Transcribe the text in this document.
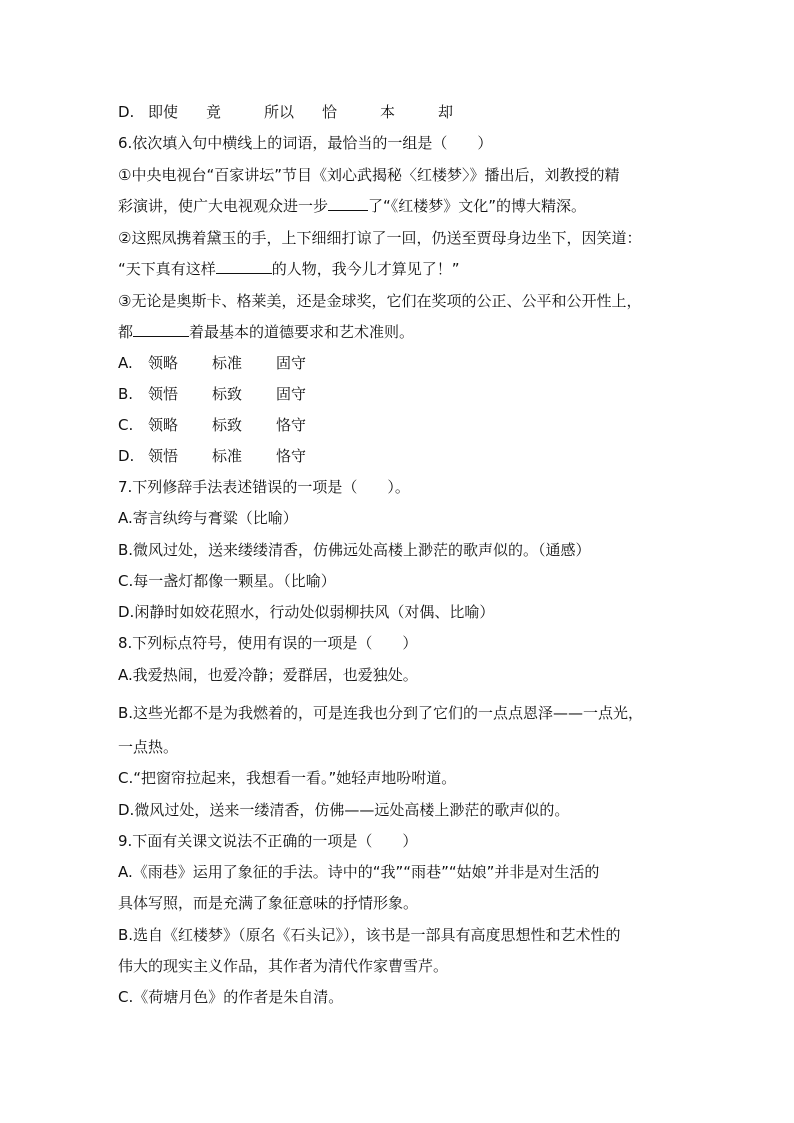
D. 即使 竟	所以 恰	本	却
6.依次填入句中横线上的词语，最恰当的一组是（　　）
①中央电视台“百家讲坛”节目《刘心武揭秘〈红楼梦〉》播出后，刘教授的精
彩演讲，使广大电视观众进一步	了“《红楼梦》文化”的博大精深。
②这熙凤携着黛玉的手，上下细细打谅了一回，仍送至贾母身边坐下，因笑道：
“天下真有这样	的人物，我今儿才算见了！”
③无论是奥斯卡、格莱美，还是金球奖，它们在奖项的公正、公平和公开性上，
都	着最基本的道德要求和艺术准则。
A. 领略 标准 固守
B. 领悟 标致 固守
C. 领略 标致 恪守
D. 领悟 标准 恪守
7.下列修辞手法表述错误的一项是（　　）。
A.寄言纨绔与膏粱（比喻）
B.微风过处，送来缕缕清香，仿佛远处高楼上渺茫的歌声似的。（通感）
C.每一盏灯都像一颗星。（比喻）
D.闲静时如姣花照水，行动处似弱柳扶风（对偶、比喻）
8.下列标点符号，使用有误的一项是（　　）
A.我爱热闹，也爱冷静；爱群居，也爱独处。
B.这些光都不是为我燃着的，可是连我也分到了它们的一点点恩泽——一点光，
一点热。
C.“把窗帘拉起来，我想看一看。”她轻声地吩咐道。
D.微风过处，送来一缕清香，仿佛——远处高楼上渺茫的歌声似的。
9.下面有关课文说法不正确的一项是（　　）
A.《雨巷》运用了象征的手法。诗中的“我”“雨巷”“姑娘”并非是对生活的
具体写照，而是充满了象征意味的抒情形象。
B.选自《红楼梦》（原名《石头记》），该书是一部具有高度思想性和艺术性的
伟大的现实主义作品，其作者为清代作家曹雪芹。
C.《荷塘月色》的作者是朱自清。
